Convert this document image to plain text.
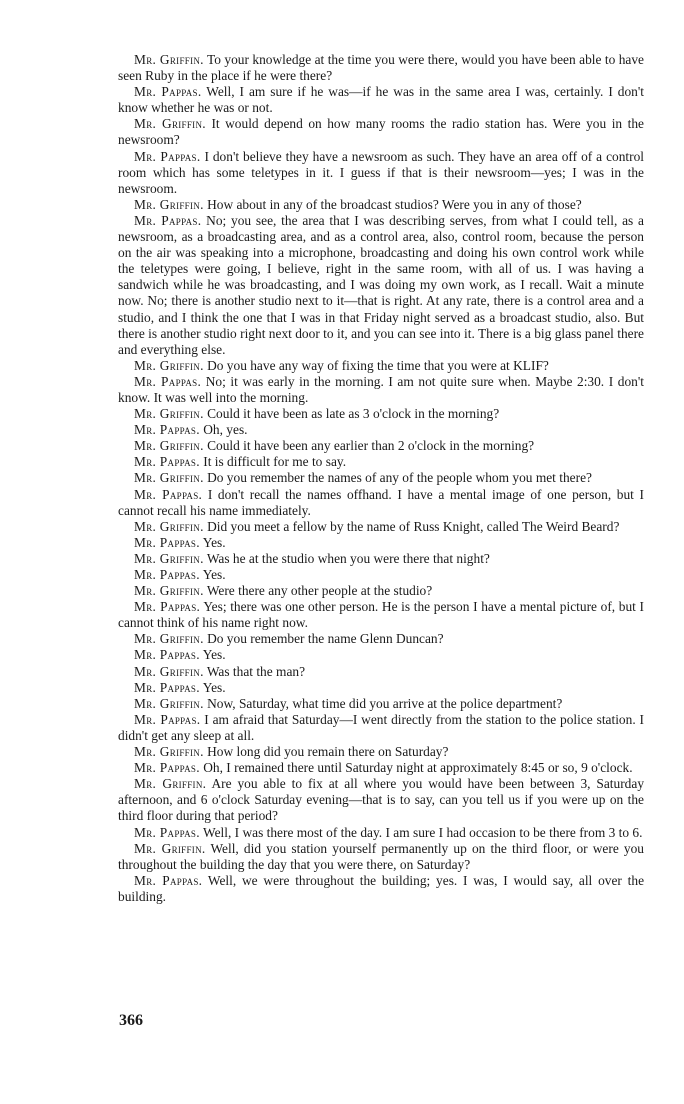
Mr. Griffin. To your knowledge at the time you were there, would you have been able to have seen Ruby in the place if he were there?

Mr. Pappas. Well, I am sure if he was—if he was in the same area I was, certainly. I don't know whether he was or not.

Mr. Griffin. It would depend on how many rooms the radio station has. Were you in the newsroom?

Mr. Pappas. I don't believe they have a newsroom as such. They have an area off of a control room which has some teletypes in it. I guess if that is their newsroom—yes; I was in the newsroom.

Mr. Griffin. How about in any of the broadcast studios? Were you in any of those?

Mr. Pappas. No; you see, the area that I was describing serves, from what I could tell, as a newsroom, as a broadcasting area, and as a control area, also, control room, because the person on the air was speaking into a microphone, broadcasting and doing his own control work while the teletypes were going, I believe, right in the same room, with all of us. I was having a sandwich while he was broadcasting, and I was doing my own work, as I recall. Wait a minute now. No; there is another studio next to it—that is right. At any rate, there is a control area and a studio, and I think the one that I was in that Friday night served as a broadcast studio, also. But there is another studio right next door to it, and you can see into it. There is a big glass panel there and everything else.

Mr. Griffin. Do you have any way of fixing the time that you were at KLIF?

Mr. Pappas. No; it was early in the morning. I am not quite sure when. Maybe 2:30. I don't know. It was well into the morning.

Mr. Griffin. Could it have been as late as 3 o'clock in the morning?

Mr. Pappas. Oh, yes.

Mr. Griffin. Could it have been any earlier than 2 o'clock in the morning?

Mr. Pappas. It is difficult for me to say.

Mr. Griffin. Do you remember the names of any of the people whom you met there?

Mr. Pappas. I don't recall the names offhand. I have a mental image of one person, but I cannot recall his name immediately.

Mr. Griffin. Did you meet a fellow by the name of Russ Knight, called The Weird Beard?

Mr. Pappas. Yes.

Mr. Griffin. Was he at the studio when you were there that night?

Mr. Pappas. Yes.

Mr. Griffin. Were there any other people at the studio?

Mr. Pappas. Yes; there was one other person. He is the person I have a mental picture of, but I cannot think of his name right now.

Mr. Griffin. Do you remember the name Glenn Duncan?

Mr. Pappas. Yes.

Mr. Griffin. Was that the man?

Mr. Pappas. Yes.

Mr. Griffin. Now, Saturday, what time did you arrive at the police department?

Mr. Pappas. I am afraid that Saturday—I went directly from the station to the police station. I didn't get any sleep at all.

Mr. Griffin. How long did you remain there on Saturday?

Mr. Pappas. Oh, I remained there until Saturday night at approximately 8:45 or so, 9 o'clock.

Mr. Griffin. Are you able to fix at all where you would have been between 3, Saturday afternoon, and 6 o'clock Saturday evening—that is to say, can you tell us if you were up on the third floor during that period?

Mr. Pappas. Well, I was there most of the day. I am sure I had occasion to be there from 3 to 6.

Mr. Griffin. Well, did you station yourself permanently up on the third floor, or were you throughout the building the day that you were there, on Saturday?

Mr. Pappas. Well, we were throughout the building; yes. I was, I would say, all over the building.

366
